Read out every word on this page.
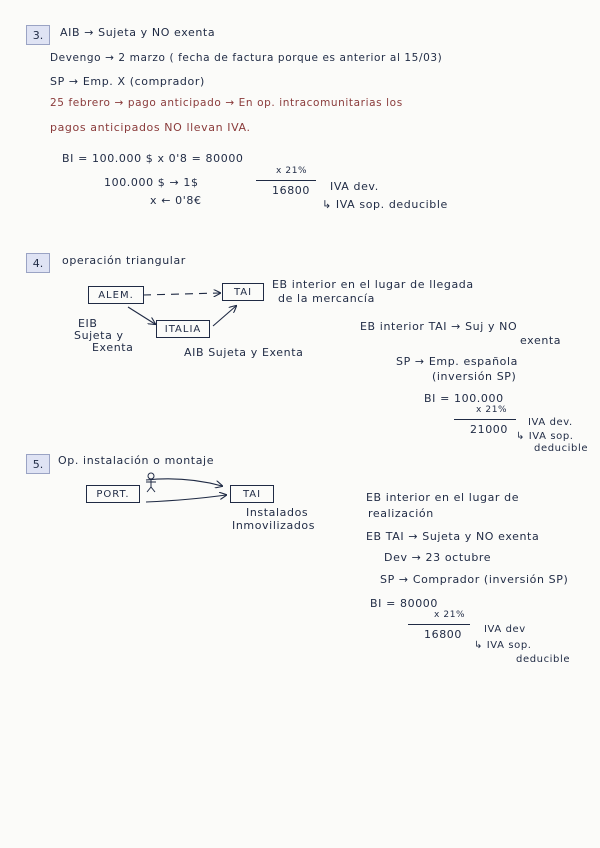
3.	AIB → Sujeta y NO exenta
Devengo → 2 marzo ( fecha de factura porque es anterior al 15/03)
SP → Emp. X (comprador)
25 febrero → pago anticipado → En op. intracomunitarias los
pagos anticipados NO llevan IVA.
BI = 100.000 $ x 0'8 = 80000
x 21%
100.000 $ → 1$
16800 IVA dev.
x ← 0'8€	↳ IVA sop. deducible
4.	operación triangular
ALEM.	TAI
ITALIA
EB interior en el lugar de llegada
de la mercancía
EIB
Sujeta y
Exenta	AIB Sujeta y Exenta
EB interior TAI → Suj y NO
exenta
SP → Emp. española
(inversión SP)
BI = 100.000
x 21%
21000
IVA dev.
↳ IVA sop.
deducible
5.	Op. instalación o montaje
PORT.	TAI
Instalados
Inmovilizados
EB interior en el lugar de
realización
EB TAI → Sujeta y NO exenta
Dev → 23 octubre
SP → Comprador (inversión SP)
BI = 80000
x 21%
16800 IVA dev
↳ IVA sop.
deducible
